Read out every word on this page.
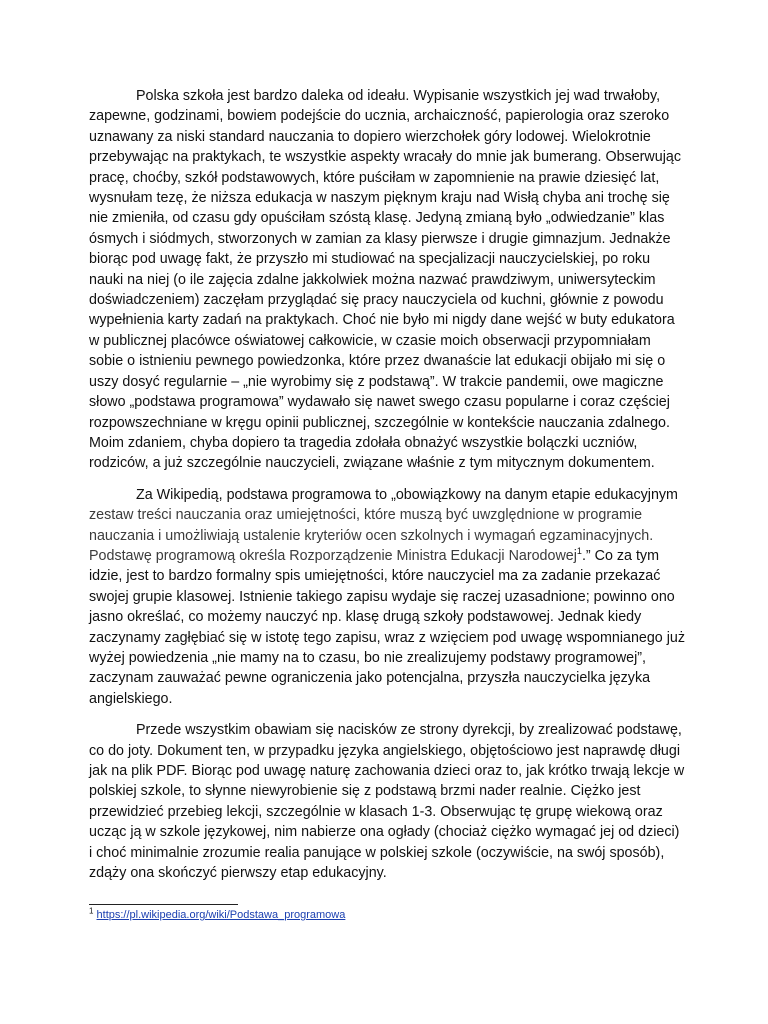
Polska szkoła jest bardzo daleka od ideału. Wypisanie wszystkich jej wad trwałoby, zapewne, godzinami, bowiem podejście do ucznia, archaiczność, papierologia oraz szeroko uznawany za niski standard nauczania to dopiero wierzchołek góry lodowej. Wielokrotnie przebywając na praktykach, te wszystkie aspekty wracały do mnie jak bumerang. Obserwując pracę, choćby, szkół podstawowych, które puściłam w zapomnienie na prawie dziesięć lat, wysnułam tezę, że niższa edukacja w naszym pięknym kraju nad Wisłą chyba ani trochę się nie zmieniła, od czasu gdy opuściłam szóstą klasę. Jedyną zmianą było „odwiedzanie” klas ósmych i siódmych, stworzonych w zamian za klasy pierwsze i drugie gimnazjum. Jednakże biorąc pod uwagę fakt, że przyszło mi studiować na specjalizacji nauczycielskiej, po roku nauki na niej (o ile zajęcia zdalne jakkolwiek można nazwać prawdziwym, uniwersyteckim doświadczeniem) zaczęłam przyglądać się pracy nauczyciela od kuchni, głównie z powodu wypełnienia karty zadań na praktykach. Choć nie było mi nigdy dane wejść w buty edukatora w publicznej placówce oświatowej całkowicie, w czasie moich obserwacji przypomniałam sobie o istnieniu pewnego powiedzonka, które przez dwanaście lat edukacji obijało mi się o uszy dosyć regularnie – „nie wyrobimy się z podstawą”. W trakcie pandemii, owe magiczne słowo „podstawa programowa” wydawało się nawet swego czasu popularne i coraz częściej rozpowszechniane w kręgu opinii publicznej, szczególnie w kontekście nauczania zdalnego. Moim zdaniem, chyba dopiero ta tragedia zdołała obnażyć wszystkie bolączki uczniów, rodziców, a już szczególnie nauczycieli, związane właśnie z tym mitycznym dokumentem.

Za Wikipedią, podstawa programowa to „obowiązkowy na danym etapie edukacyjnym zestaw treści nauczania oraz umiejętności, które muszą być uwzględnione w programie nauczania i umożliwiają ustalenie kryteriów ocen szkolnych i wymagań egzaminacyjnych. Podstawę programową określa Rozporządzenie Ministra Edukacji Narodowej$^1$.” Co za tym idzie, jest to bardzo formalny spis umiejętności, które nauczyciel ma za zadanie przekazać swojej grupie klasowej. Istnienie takiego zapisu wydaje się raczej uzasadnione; powinno ono jasno określać, co możemy nauczyć np. klasę drugą szkoły podstawowej. Jednak kiedy zaczynamy zagłębiać się w istotę tego zapisu, wraz z wzięciem pod uwagę wspomnianego już wyżej powiedzenia „nie mamy na to czasu, bo nie zrealizujemy podstawy programowej”, zaczynam zauważać pewne ograniczenia jako potencjalna, przyszła nauczycielka języka angielskiego.

Przede wszystkim obawiam się nacisków ze strony dyrekcji, by zrealizować podstawę, co do joty. Dokument ten, w przypadku języka angielskiego, objętościowo jest naprawdę długi jak na plik PDF. Biorąc pod uwagę naturę zachowania dzieci oraz to, jak krótko trwają lekcje w polskiej szkole, to słynne niewyrobienie się z podstawą brzmi nader realnie. Ciężko jest przewidzieć przebieg lekcji, szczególnie w klasach 1-3. Obserwując tę grupę wiekową oraz ucząc ją w szkole językowej, nim nabierze ona ogłady (chociaż ciężko wymagać jej od dzieci) i choć minimalnie zrozumie realia panujące w polskiej szkole (oczywiście, na swój sposób), zdąży ona skończyć pierwszy etap edukacyjny.

$^1$ https://pl.wikipedia.org/wiki/Podstawa_programowa
